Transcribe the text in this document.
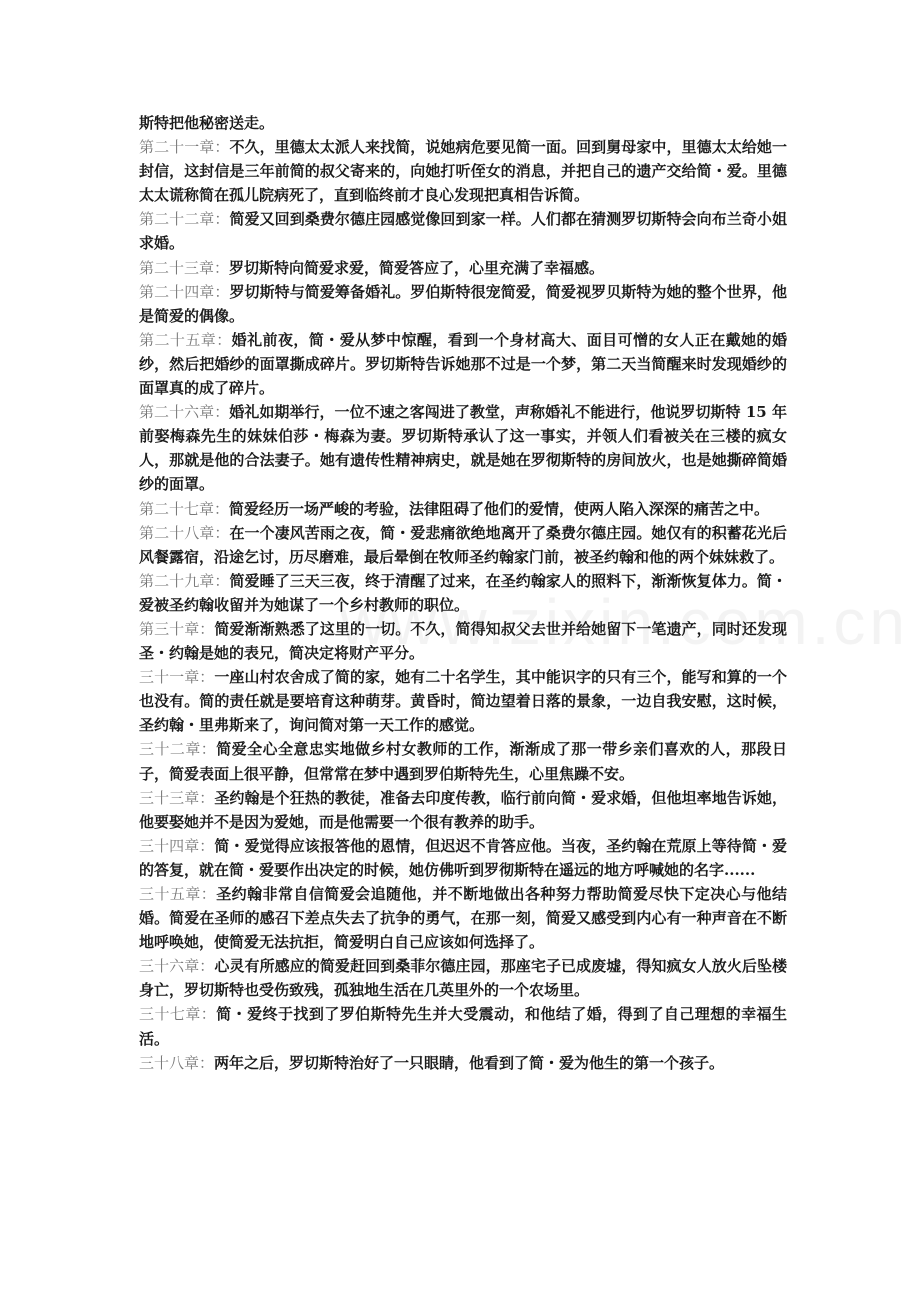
斯特把他秘密送走。

第二十一章：不久，里德太太派人来找简，说她病危要见简一面。回到舅母家中，里德太太给她一封信，这封信是三年前简的叔父寄来的，向她打听侄女的消息，并把自己的遗产交给简・爱。里德太太谎称简在孤儿院病死了，直到临终前才良心发现把真相告诉简。

第二十二章：简爱又回到桑费尔德庄园感觉像回到家一样。人们都在猜测罗切斯特会向布兰奇小姐求婚。

第二十三章：罗切斯特向简爱求爱，简爱答应了，心里充满了幸福感。

第二十四章：罗切斯特与简爱筹备婚礼。罗伯斯特很宠简爱，简爱视罗贝斯特为她的整个世界，他是简爱的偶像。

第二十五章：婚礼前夜，简・爱从梦中惊醒，看到一个身材高大、面目可憎的女人正在戴她的婚纱，然后把婚纱的面罩撕成碎片。罗切斯特告诉她那不过是一个梦，第二天当简醒来时发现婚纱的面罩真的成了碎片。

第二十六章：婚礼如期举行，一位不速之客闯进了教堂，声称婚礼不能进行，他说罗切斯特 15 年前娶梅森先生的妹妹伯莎・梅森为妻。罗切斯特承认了这一事实，并领人们看被关在三楼的疯女人，那就是他的合法妻子。她有遗传性精神病史，就是她在罗彻斯特的房间放火，也是她撕碎简婚纱的面罩。

第二十七章：简爱经历一场严峻的考验，法律阻碍了他们的爱情，使两人陷入深深的痛苦之中。

第二十八章：在一个凄风苦雨之夜，简・爱悲痛欲绝地离开了桑费尔德庄园。她仅有的积蓄花光后风餐露宿，沿途乞讨，历尽磨难，最后晕倒在牧师圣约翰家门前，被圣约翰和他的两个妹妹救了。

第二十九章：简爱睡了三天三夜，终于清醒了过来，在圣约翰家人的照料下，渐渐恢复体力。简・爱被圣约翰收留并为她谋了一个乡村教师的职位。

第三十章：简爱渐渐熟悉了这里的一切。不久，简得知叔父去世并给她留下一笔遗产，同时还发现圣・约翰是她的表兄，简决定将财产平分。

三十一章：一座山村农舍成了简的家，她有二十名学生，其中能识字的只有三个，能写和算的一个也没有。简的责任就是要培育这种萌芽。黄昏时，简边望着日落的景象，一边自我安慰，这时候，圣约翰・里弗斯来了，询问简对第一天工作的感觉。

三十二章：简爱全心全意忠实地做乡村女教师的工作，渐渐成了那一带乡亲们喜欢的人，那段日子，简爱表面上很平静，但常常在梦中遇到罗伯斯特先生，心里焦躁不安。

三十三章：圣约翰是个狂热的教徒，准备去印度传教，临行前向简・爱求婚，但他坦率地告诉她，他要娶她并不是因为爱她，而是他需要一个很有教养的助手。

三十四章：简・爱觉得应该报答他的恩情，但迟迟不肯答应他。当夜，圣约翰在荒原上等待简・爱的答复，就在简・爱要作出决定的时候，她仿佛听到罗彻斯特在遥远的地方呼喊她的名字......

三十五章：圣约翰非常自信简爱会追随他，并不断地做出各种努力帮助简爱尽快下定决心与他结婚。简爱在圣师的感召下差点失去了抗争的勇气，在那一刻，简爱又感受到内心有一种声音在不断地呼唤她，使简爱无法抗拒，简爱明白自己应该如何选择了。

三十六章：心灵有所感应的简爱赶回到桑菲尔德庄园，那座宅子已成废墟，得知疯女人放火后坠楼身亡，罗切斯特也受伤致残，孤独地生活在几英里外的一个农场里。

三十七章：简・爱终于找到了罗伯斯特先生并大受震动，和他结了婚，得到了自己理想的幸福生活。

三十八章：两年之后，罗切斯特治好了一只眼睛，他看到了简・爱为他生的第一个孩子。
